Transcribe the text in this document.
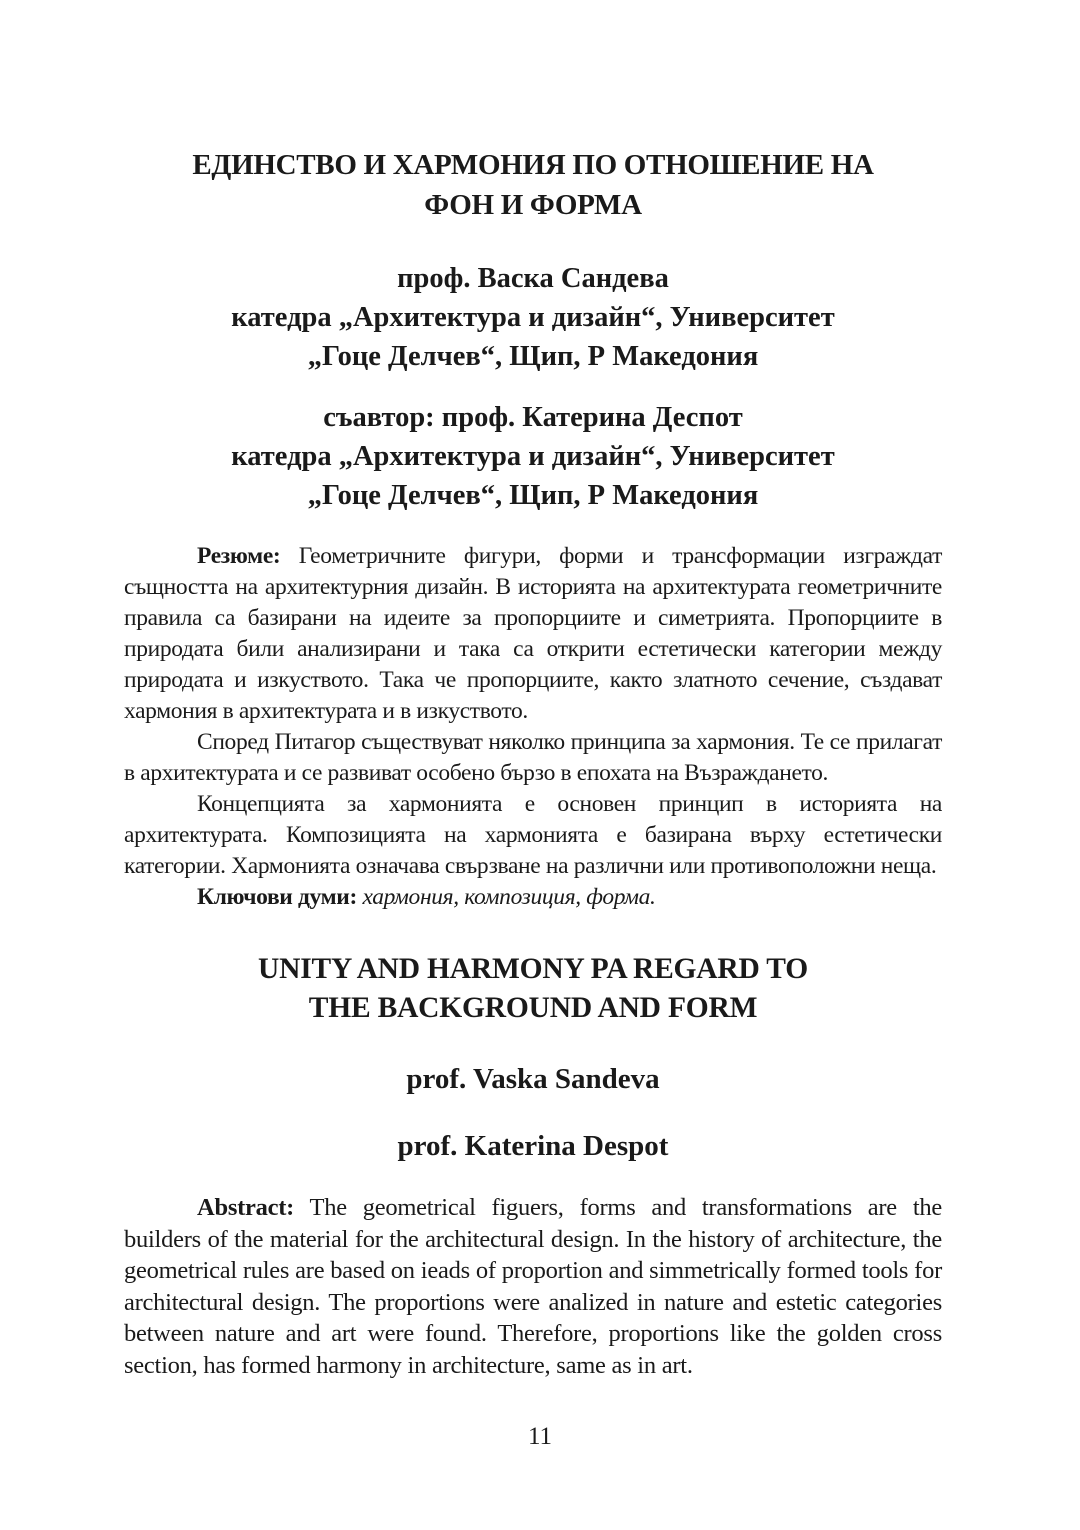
ЕДИНСТВО И ХАРМОНИЯ ПО ОТНОШЕНИЕ НА
ФОН И ФОРМА
проф. Васка Сандева
катедра „Архитектура и дизайн“, Университет
„Гоце Делчев“, Щип, Р Македония
съавтор: проф. Катерина Деспот
катедра „Архитектура и дизайн“, Университет
„Гоце Делчев“, Щип, Р Македония

Резюме: Геометричните фигури, форми и трансформации изграждат същността на архитектурния дизайн. В историята на архитектурата геометричните правила са базирани на идеите за пропорциите и симетрията. Пропорциите в природата били анализирани и така са открити естетически категории между природата и изкуството. Така че пропорциите, както златното сечение, създават хармония в архитектурата и в изкуството.

Според Питагор съществуват няколко принципа за хармония. Те се прилагат в архитектурата и се развиват особено бързо в епохата на Възраждането.

Концепцията за хармонията е основен принцип в историята на архитектурата. Композицията на хармонията е базирана върху естетически категории. Хармонията означава свързване на различни или противоположни неща.

Ключови думи: хармония, композиция, форма.

UNITY AND HARMONY PA REGARD TO
THE BACKGROUND AND FORM
prof. Vaska Sandeva
prof. Katerina Despot

Abstract: The geometrical figuers, forms and transformations are the builders of the material for the architectural design. In the history of architecture, the geometrical rules are based on ieads of proportion and simmetrically formed tools for architectural design. The proportions were analized in nature and estetic categories between nature and art were found. Therefore, proportions like the golden cross section, has formed harmony in architecture, same as in art.

11
